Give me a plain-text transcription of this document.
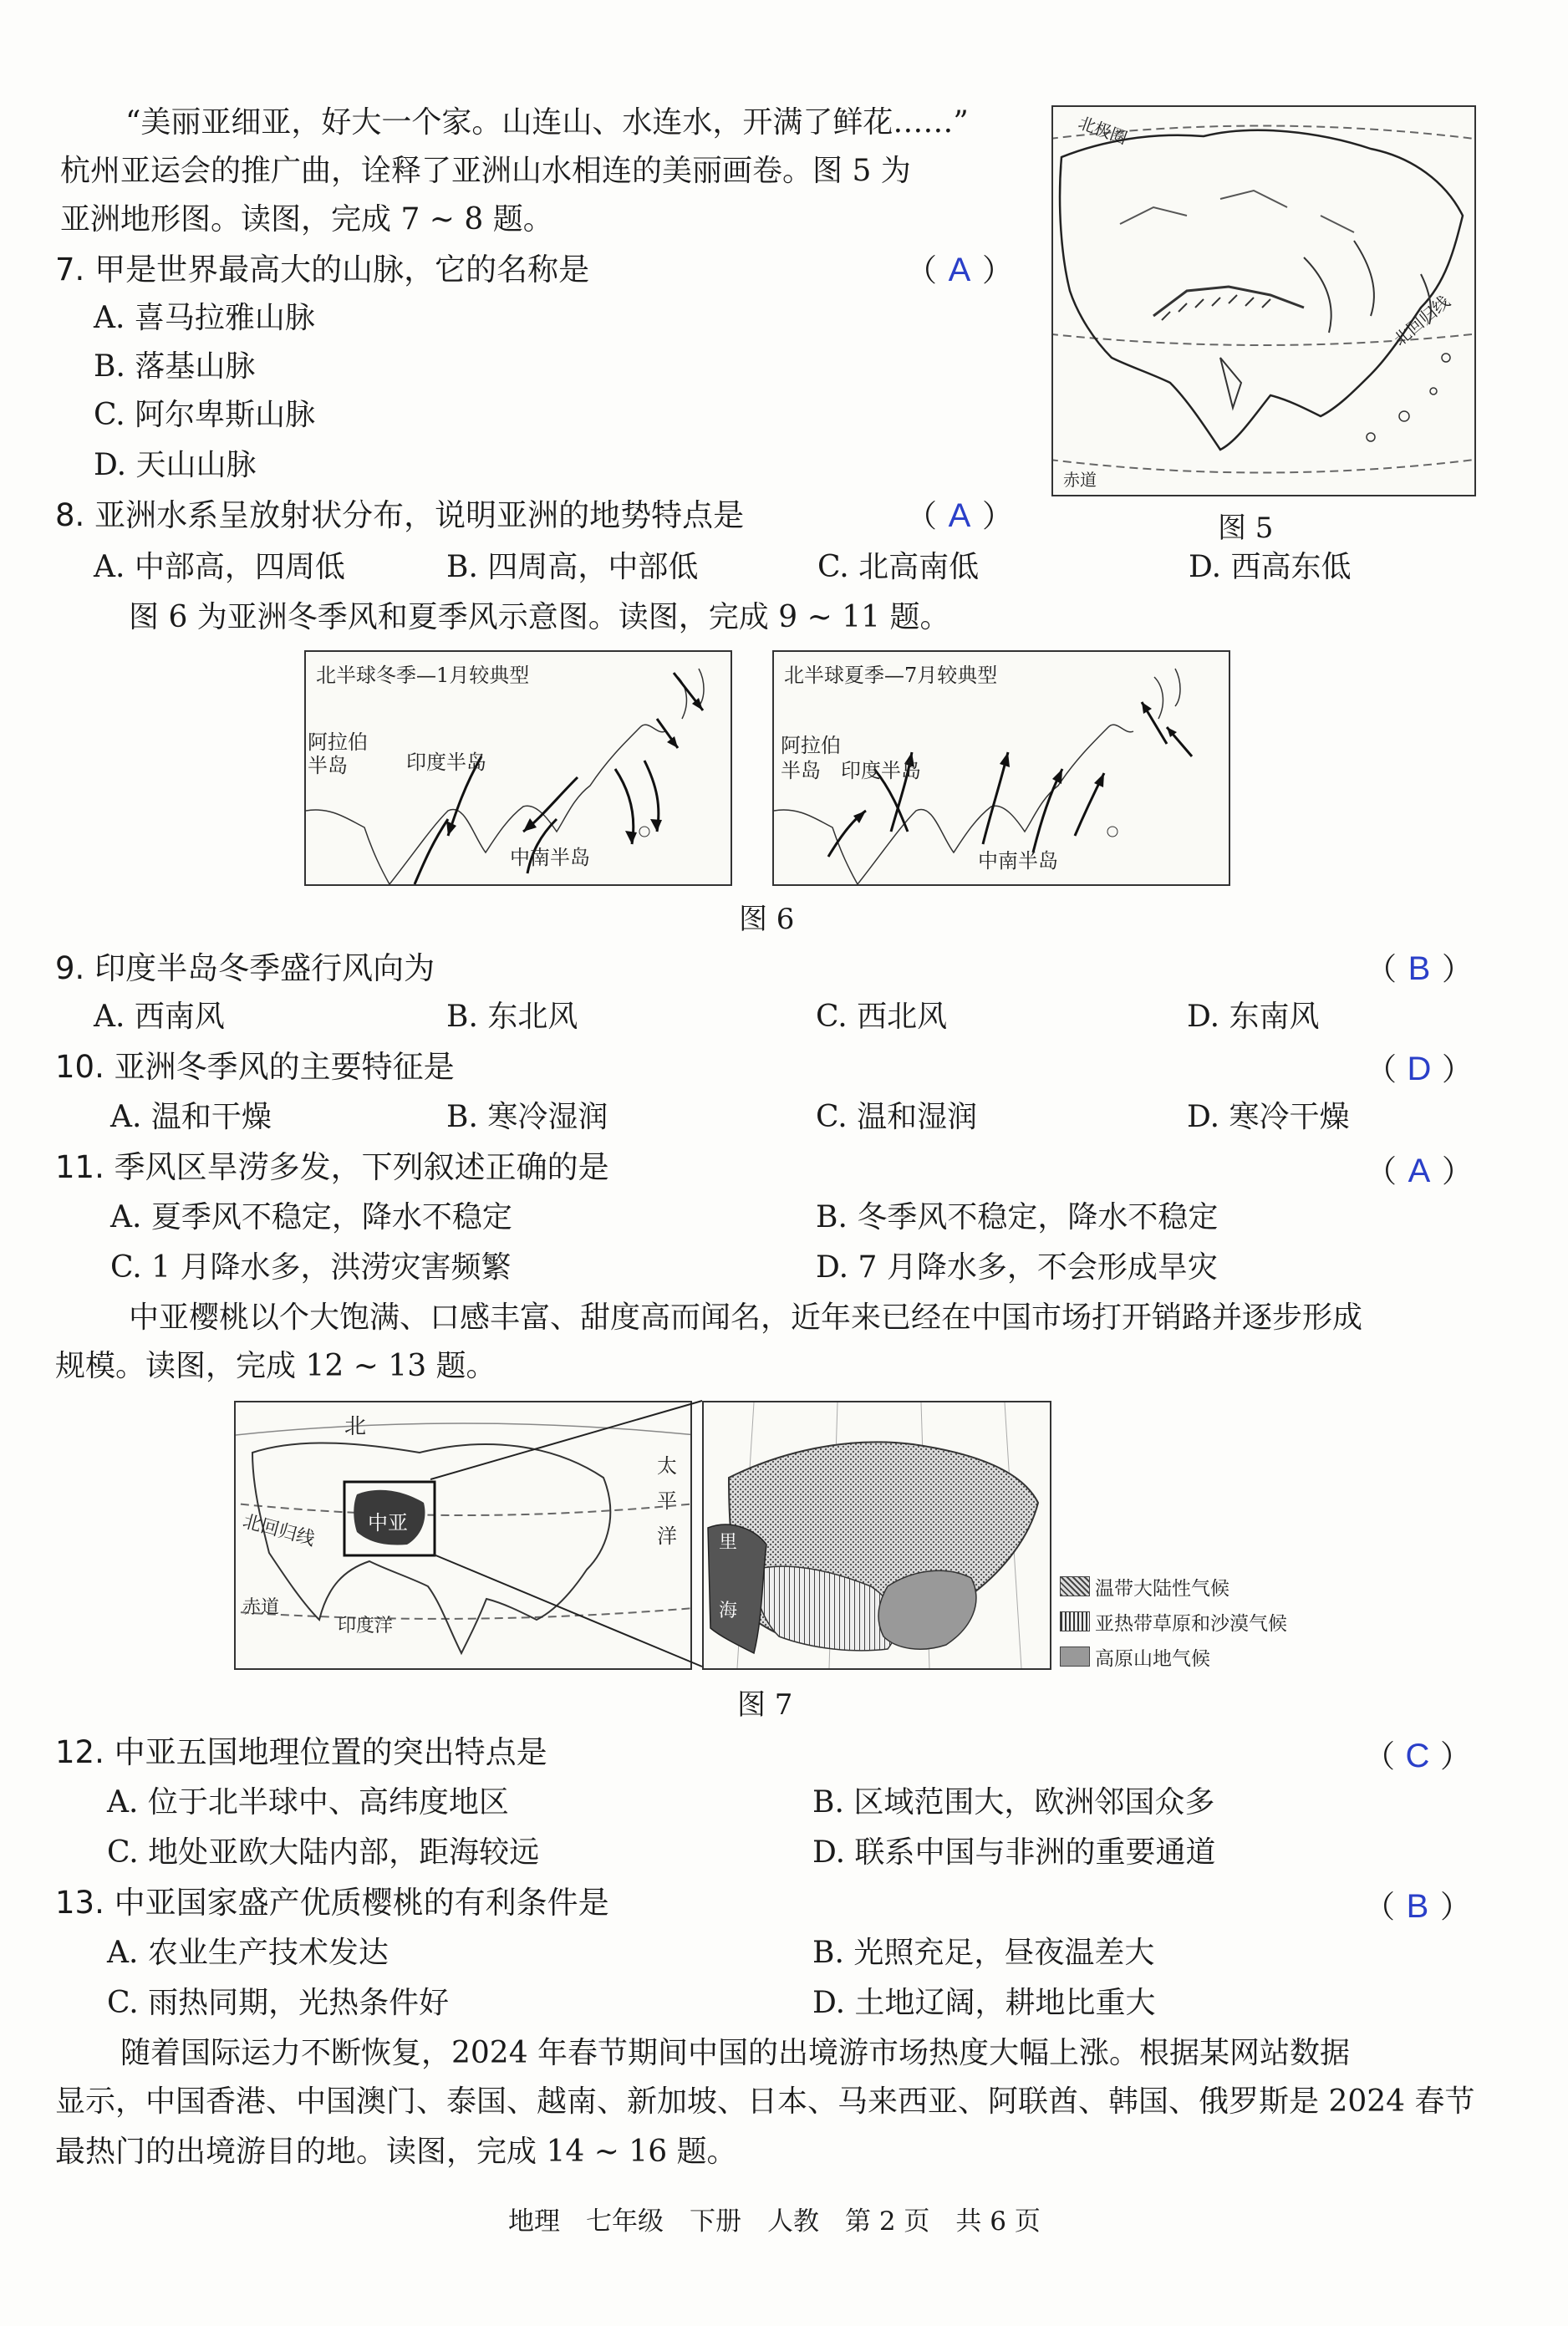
“美丽亚细亚，好大一个家。山连山、水连水，开满了鲜花……”
杭州亚运会的推广曲，诠释了亚洲山水相连的美丽画卷。图 5 为
亚洲地形图。读图，完成 7 ~ 8 题。
北极圈
北回归线
赤道
图 5
7. 甲是世界最高大的山脉，它的名称是	（ A ）
A. 喜马拉雅山脉
B. 落基山脉
C. 阿尔卑斯山脉
D. 天山山脉
8. 亚洲水系呈放射状分布，说明亚洲的地势特点是	（ A ）
A. 中部高，四周低	B. 四周高，中部低	C. 北高南低	D. 西高东低
图 6 为亚洲冬季风和夏季风示意图。读图，完成 9 ~ 11 题。
北半球冬季—1月较典型
阿拉伯
半岛	印度半岛
中南半岛
北半球夏季—7月较典型
阿拉伯
半岛 印度半岛
中南半岛
图 6
9. 印度半岛冬季盛行风向为	（ B ）
A. 西南风	B. 东北风	C. 西北风	D. 东南风
10. 亚洲冬季风的主要特征是	（ D ）
A. 温和干燥	B. 寒冷湿润	C. 温和湿润	D. 寒冷干燥
11. 季风区旱涝多发，下列叙述正确的是	（ A ）
A. 夏季风不稳定，降水不稳定	B. 冬季风不稳定，降水不稳定
C. 1 月降水多，洪涝灾害频繁	D. 7 月降水多，不会形成旱灾
中亚樱桃以个大饱满、口感丰富、甜度高而闻名，近年来已经在中国市场打开销路并逐步形成
规模。读图，完成 12 ~ 13 题。
北
太
平
洋
北回归线
赤道
印度洋
中亚
里
海
温带大陆性气候
亚热带草原和沙漠气候
高原山地气候
图 7
12. 中亚五国地理位置的突出特点是	（ C ）
A. 位于北半球中、高纬度地区	B. 区域范围大，欧洲邻国众多
C. 地处亚欧大陆内部，距海较远	D. 联系中国与非洲的重要通道
13. 中亚国家盛产优质樱桃的有利条件是	（ B ）
A. 农业生产技术发达	B. 光照充足，昼夜温差大
C. 雨热同期，光热条件好	D. 土地辽阔，耕地比重大
随着国际运力不断恢复，2024 年春节期间中国的出境游市场热度大幅上涨。根据某网站数据
显示，中国香港、中国澳门、泰国、越南、新加坡、日本、马来西亚、阿联酋、韩国、俄罗斯是 2024 春节
最热门的出境游目的地。读图，完成 14 ~ 16 题。
地理　七年级　下册　人教　第 2 页　共 6 页
